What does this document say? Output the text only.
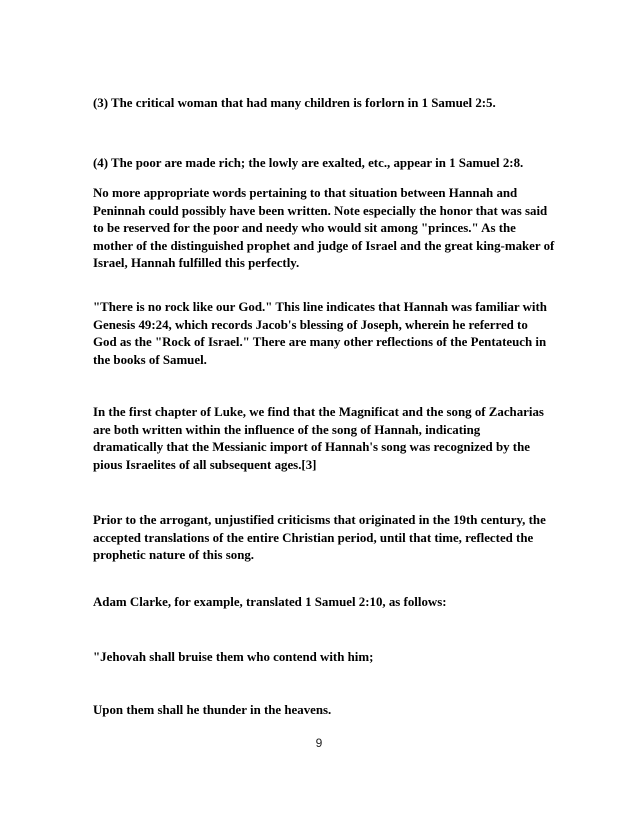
(3) The critical woman that had many children is forlorn in 1 Samuel 2:5.

(4) The poor are made rich; the lowly are exalted, etc., appear in 1 Samuel 2:8.

No more appropriate words pertaining to that situation between Hannah and Peninnah could possibly have been written. Note especially the honor that was said to be reserved for the poor and needy who would sit among "princes." As the mother of the distinguished prophet and judge of Israel and the great king-maker of Israel, Hannah fulfilled this perfectly.

"There is no rock like our God." This line indicates that Hannah was familiar with Genesis 49:24, which records Jacob's blessing of Joseph, wherein he referred to God as the "Rock of Israel." There are many other reflections of the Pentateuch in the books of Samuel.

In the first chapter of Luke, we find that the Magnificat and the song of Zacharias are both written within the influence of the song of Hannah, indicating dramatically that the Messianic import of Hannah's song was recognized by the pious Israelites of all subsequent ages.[3]

Prior to the arrogant, unjustified criticisms that originated in the 19th century, the accepted translations of the entire Christian period, until that time, reflected the prophetic nature of this song.

Adam Clarke, for example, translated 1 Samuel 2:10, as follows:

"Jehovah shall bruise them who contend with him;

Upon them shall he thunder in the heavens.

9
